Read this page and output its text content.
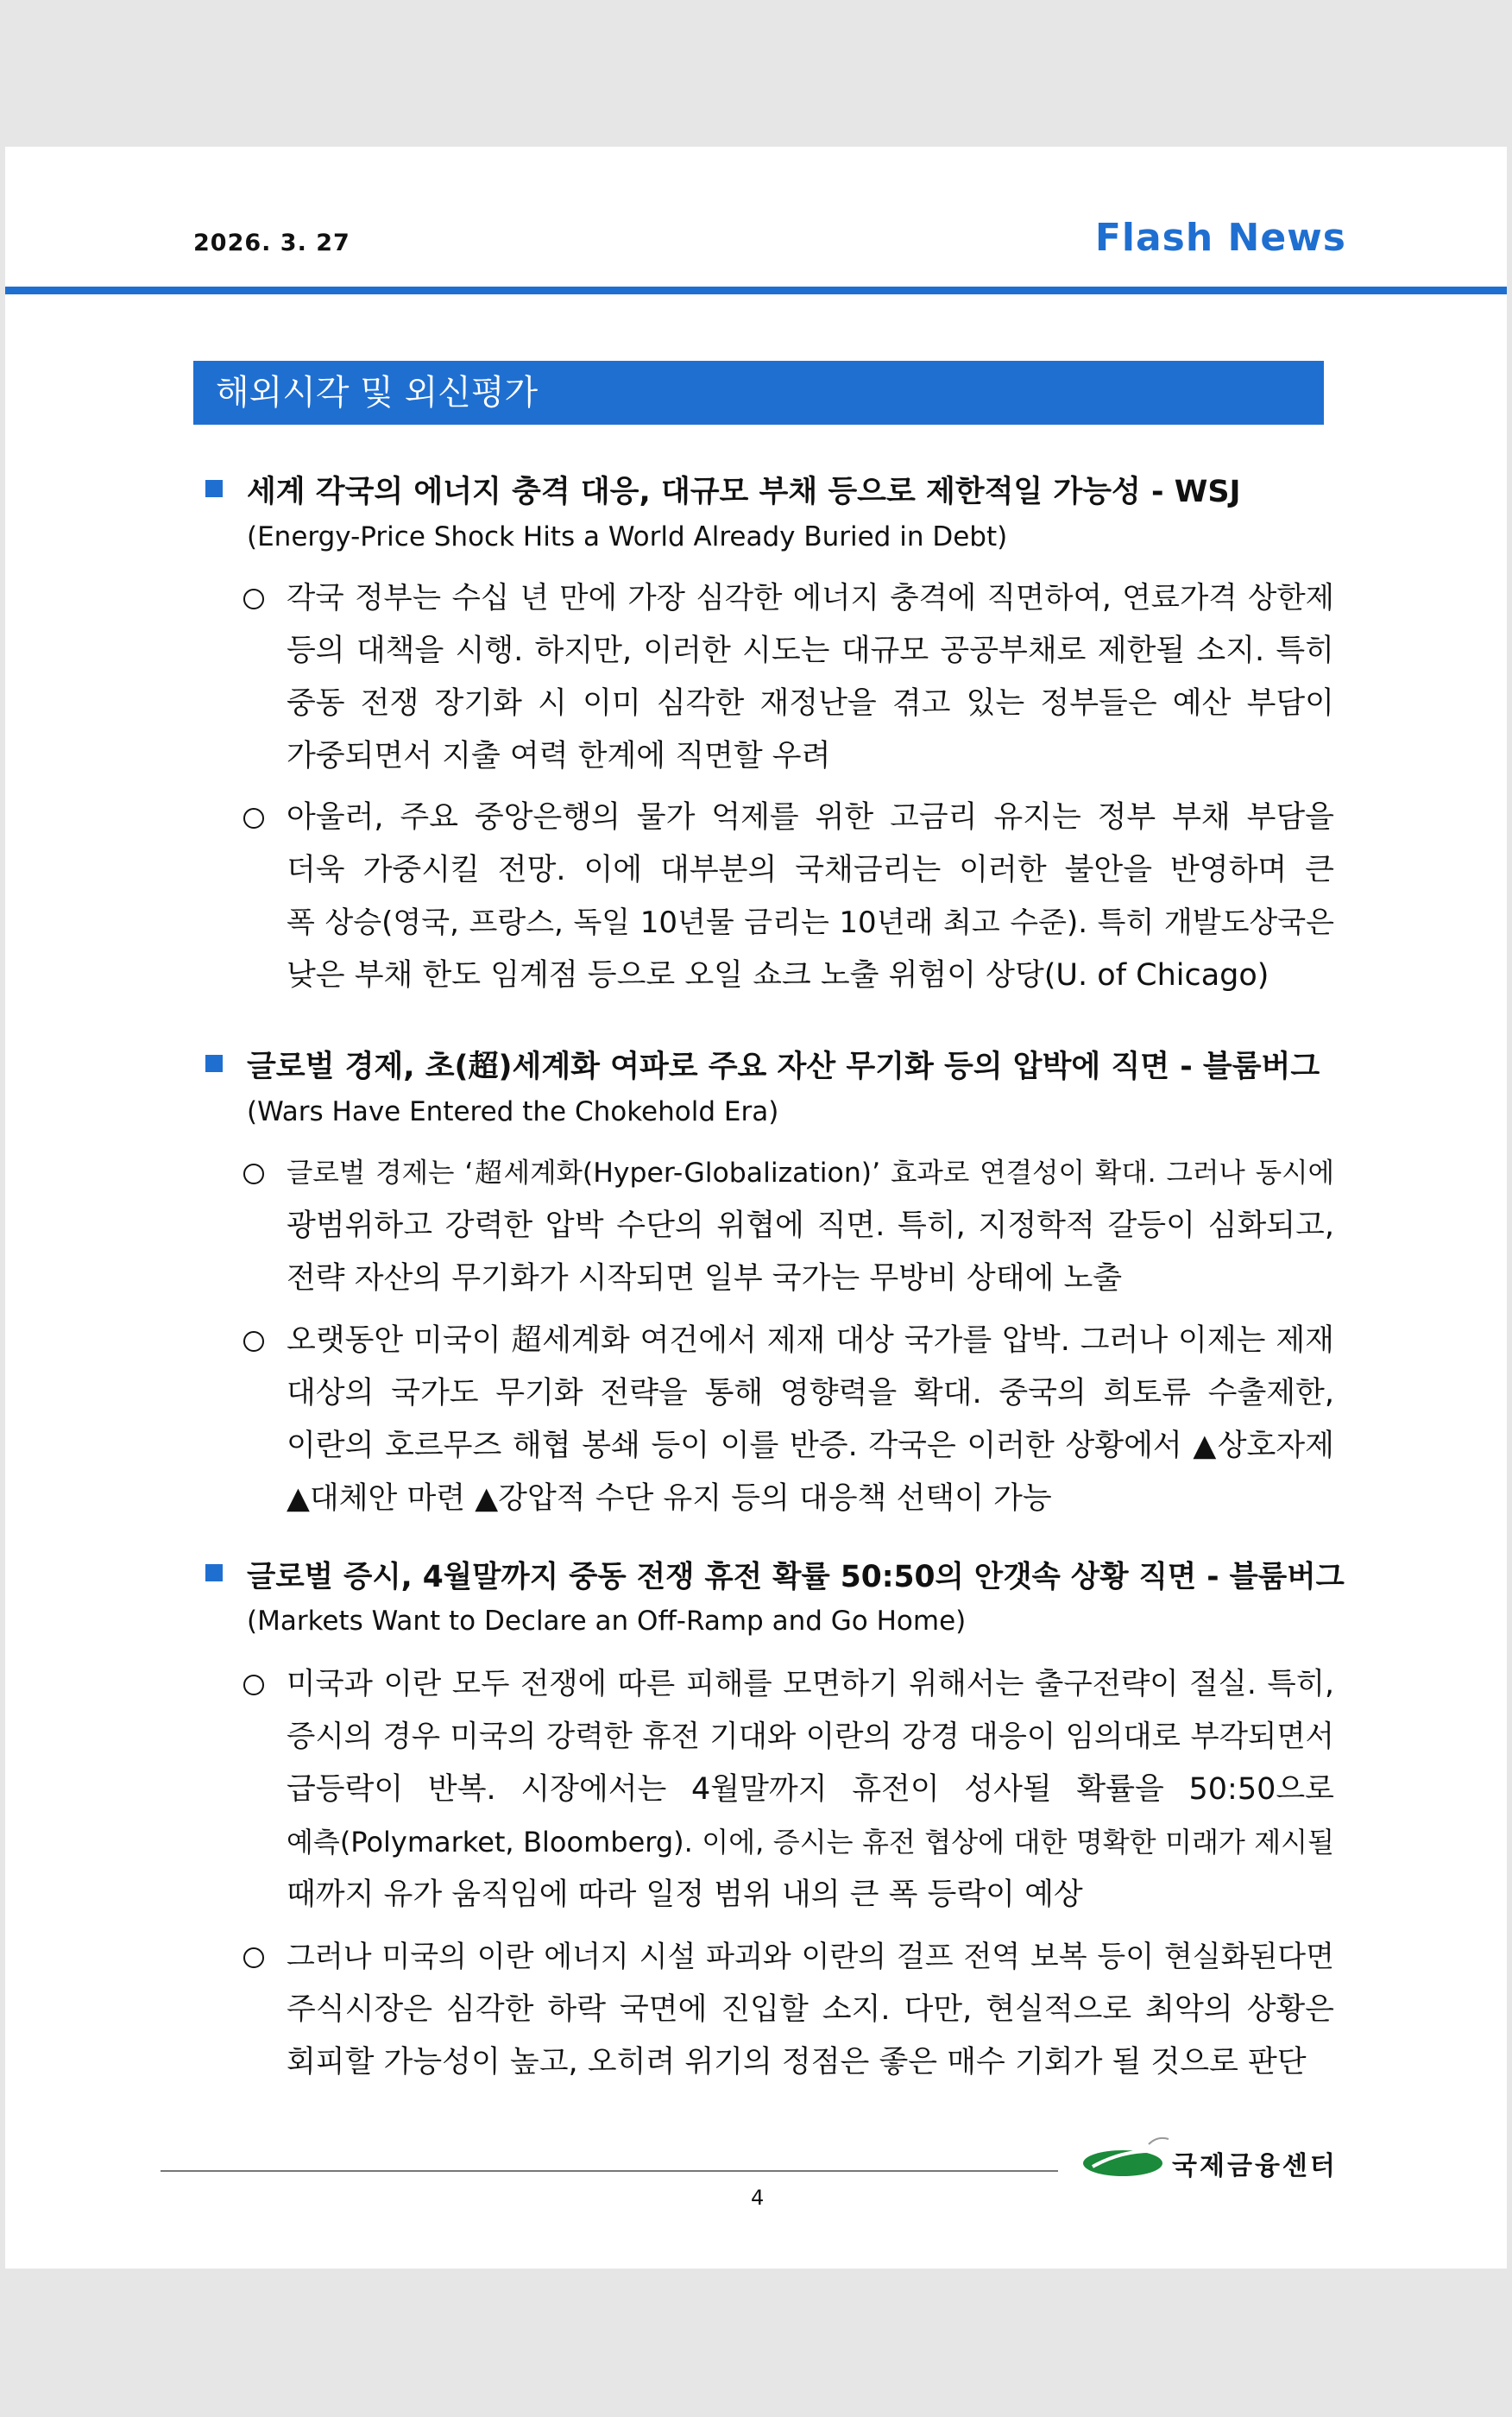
2026. 3. 27	Flash News
해외시각 및 외신평가
세계 각국의 에너지 충격 대응, 대규모 부채 등으로 제한적일 가능성 - WSJ
(Energy-Price Shock Hits a World Already Buried in Debt)
각국 정부는 수십 년 만에 가장 심각한 에너지 충격에 직면하여, 연료가격 상한제
등의 대책을 시행. 하지만, 이러한 시도는 대규모 공공부채로 제한될 소지. 특히
중동 전쟁 장기화 시 이미 심각한 재정난을 겪고 있는 정부들은 예산 부담이
가중되면서 지출 여력 한계에 직면할 우려
아울러, 주요 중앙은행의 물가 억제를 위한 고금리 유지는 정부 부채 부담을
더욱 가중시킬 전망. 이에 대부분의 국채금리는 이러한 불안을 반영하며 큰
폭 상승(영국, 프랑스, 독일 10년물 금리는 10년래 최고 수준). 특히 개발도상국은
낮은 부채 한도 임계점 등으로 오일 쇼크 노출 위험이 상당(U. of Chicago)
글로벌 경제, 초(超)세계화 여파로 주요 자산 무기화 등의 압박에 직면 - 블룸버그
(Wars Have Entered the Chokehold Era)
글로벌 경제는 ‘超세계화(Hyper-Globalization)’ 효과로 연결성이 확대. 그러나 동시에
광범위하고 강력한 압박 수단의 위협에 직면. 특히, 지정학적 갈등이 심화되고,
전략 자산의 무기화가 시작되면 일부 국가는 무방비 상태에 노출
오랫동안 미국이 超세계화 여건에서 제재 대상 국가를 압박. 그러나 이제는 제재
대상의 국가도 무기화 전략을 통해 영향력을 확대. 중국의 희토류 수출제한,
이란의 호르무즈 해협 봉쇄 등이 이를 반증. 각국은 이러한 상황에서 ▲상호자제
▲대체안 마련 ▲강압적 수단 유지 등의 대응책 선택이 가능
글로벌 증시, 4월말까지 중동 전쟁 휴전 확률 50:50의 안갯속 상황 직면 - 블룸버그
(Markets Want to Declare an Off-Ramp and Go Home)
미국과 이란 모두 전쟁에 따른 피해를 모면하기 위해서는 출구전략이 절실. 특히,
증시의 경우 미국의 강력한 휴전 기대와 이란의 강경 대응이 임의대로 부각되면서
급등락이 반복. 시장에서는 4월말까지 휴전이 성사될 확률을 50:50으로
예측(Polymarket, Bloomberg). 이에, 증시는 휴전 협상에 대한 명확한 미래가 제시될
때까지 유가 움직임에 따라 일정 범위 내의 큰 폭 등락이 예상
그러나 미국의 이란 에너지 시설 파괴와 이란의 걸프 전역 보복 등이 현실화된다면
주식시장은 심각한 하락 국면에 진입할 소지. 다만, 현실적으로 최악의 상황은
회피할 가능성이 높고, 오히려 위기의 정점은 좋은 매수 기회가 될 것으로 판단
4
국제금융센터
